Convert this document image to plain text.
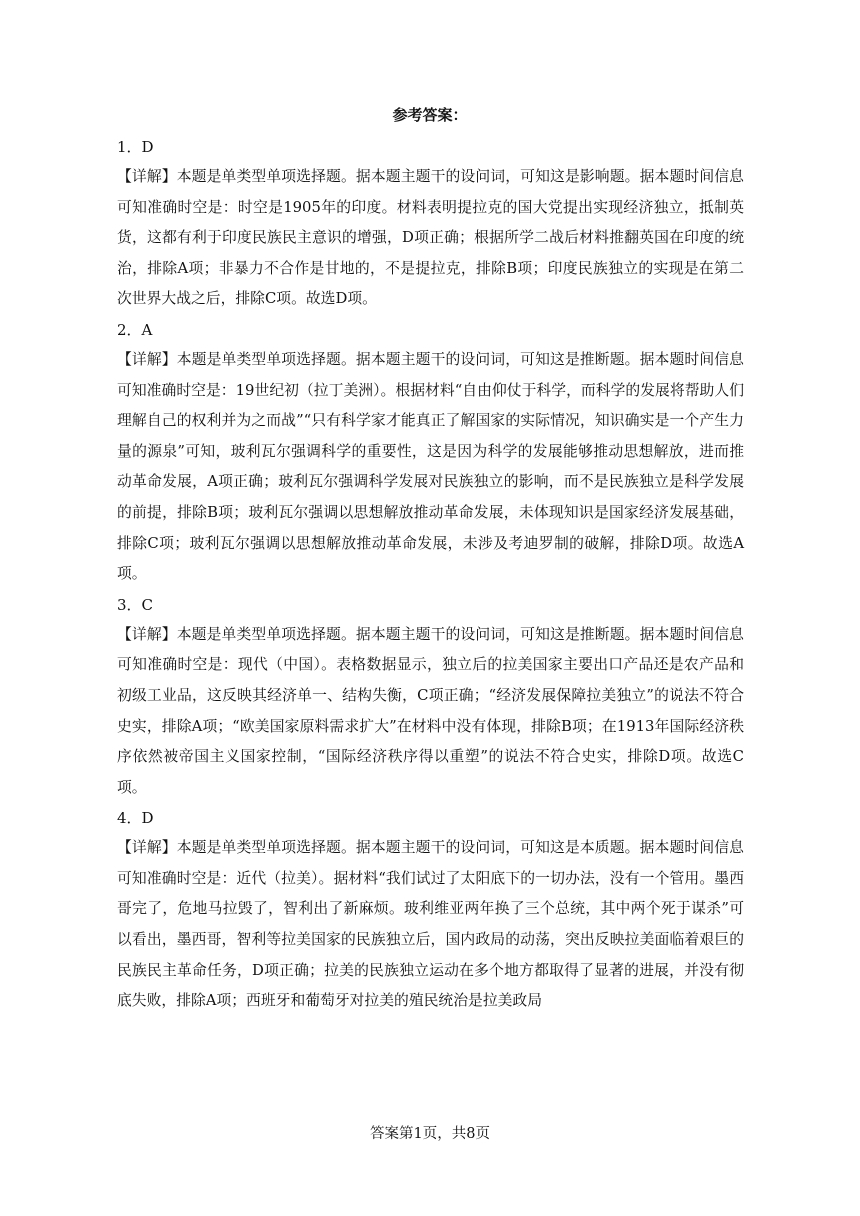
参考答案：

1．D

【详解】本题是单类型单项选择题。据本题主题干的设问词，可知这是影响题。据本题时间信息可知准确时空是：时空是1905年的印度。材料表明提拉克的国大党提出实现经济独立，抵制英货，这都有利于印度民族民主意识的增强，D项正确；根据所学二战后材料推翻英国在印度的统治，排除A项；非暴力不合作是甘地的，不是提拉克，排除B项；印度民族独立的实现是在第二次世界大战之后，排除C项。故选D项。

2．A

【详解】本题是单类型单项选择题。据本题主题干的设问词，可知这是推断题。据本题时间信息可知准确时空是：19世纪初（拉丁美洲）。根据材料“自由仰仗于科学，而科学的发展将帮助人们理解自己的权利并为之而战”“只有科学家才能真正了解国家的实际情况，知识确实是一个产生力量的源泉”可知，玻利瓦尔强调科学的重要性，这是因为科学的发展能够推动思想解放，进而推动革命发展，A项正确；玻利瓦尔强调科学发展对民族独立的影响，而不是民族独立是科学发展的前提，排除B项；玻利瓦尔强调以思想解放推动革命发展，未体现知识是国家经济发展基础，排除C项；玻利瓦尔强调以思想解放推动革命发展，未涉及考迪罗制的破解，排除D项。故选A项。

3．C

【详解】本题是单类型单项选择题。据本题主题干的设问词，可知这是推断题。据本题时间信息可知准确时空是：现代（中国）。表格数据显示，独立后的拉美国家主要出口产品还是农产品和初级工业品，这反映其经济单一、结构失衡，C项正确；“经济发展保障拉美独立”的说法不符合史实，排除A项；“欧美国家原料需求扩大”在材料中没有体现，排除B项；在1913年国际经济秩序依然被帝国主义国家控制，“国际经济秩序得以重塑”的说法不符合史实，排除D项。故选C项。

4．D

【详解】本题是单类型单项选择题。据本题主题干的设问词，可知这是本质题。据本题时间信息可知准确时空是：近代（拉美）。据材料“我们试过了太阳底下的一切办法，没有一个管用。墨西哥完了，危地马拉毁了，智利出了新麻烦。玻利维亚两年换了三个总统，其中两个死于谋杀”可以看出，墨西哥，智利等拉美国家的民族独立后，国内政局的动荡，突出反映拉美面临着艰巨的民族民主革命任务，D项正确；拉美的民族独立运动在多个地方都取得了显著的进展，并没有彻底失败，排除A项；西班牙和葡萄牙对拉美的殖民统治是拉美政局

答案第1页，共8页
